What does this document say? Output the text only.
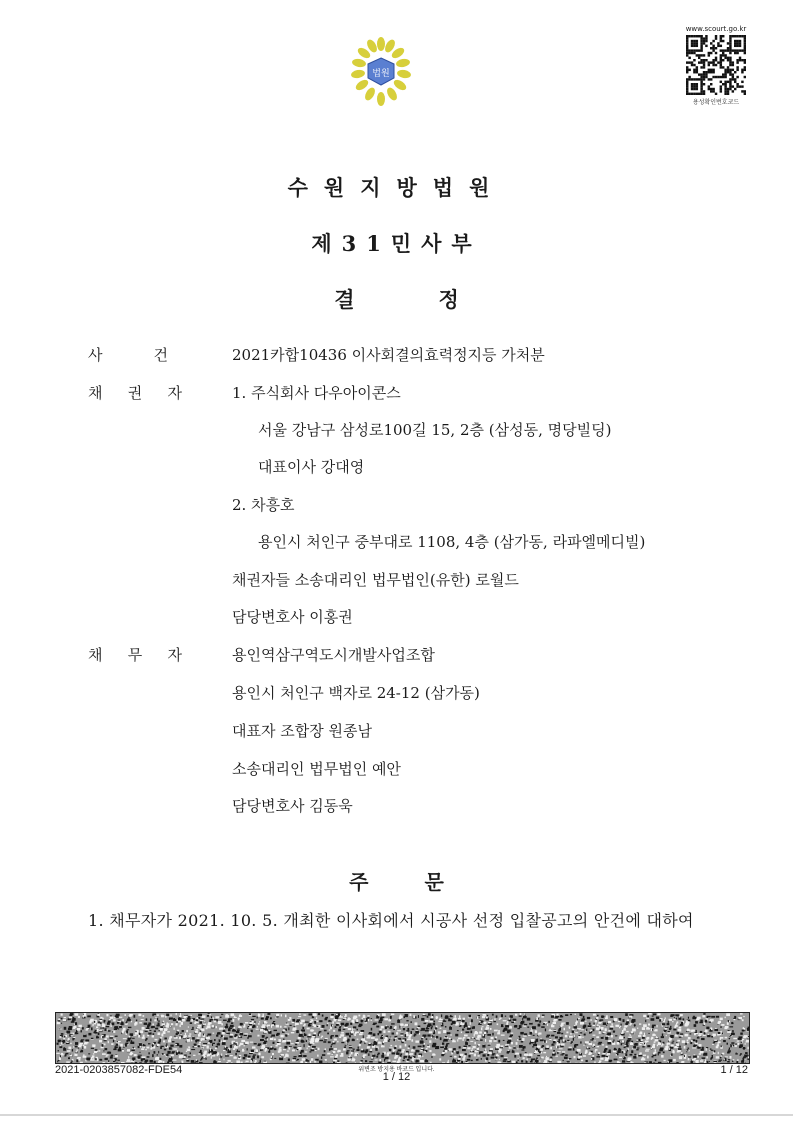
법원
www.scourt.go.kr
용성확인번호코드
수원지방법원
제31민사부
결	정
사	건	2021카합10436 이사회결의효력정지등 가처분
채 권 자	1. 주식회사 다우아이콘스
서울 강남구 삼성로100길 15, 2층 (삼성동, 명당빌딩)
대표이사 강대영
2. 차흥호
용인시 처인구 중부대로 1108, 4층 (삼가동, 라파엘메디빌)
채권자들 소송대리인 법무법인(유한) 로월드
담당변호사 이홍권
채 무 자	용인역삼구역도시개발사업조합
용인시 처인구 백자로 24-12 (삼가동)
대표자 조합장 원종남
소송대리인 법무법인 예안
담당변호사 김동욱
주	문
1. 채무자가 2021. 10. 5. 개최한 이사회에서 시공사 선정 입찰공고의 안건에 대하여
2021-0203857082-FDE54	위변조 방지용 바코드 입니다.
1 / 12
1 / 12
